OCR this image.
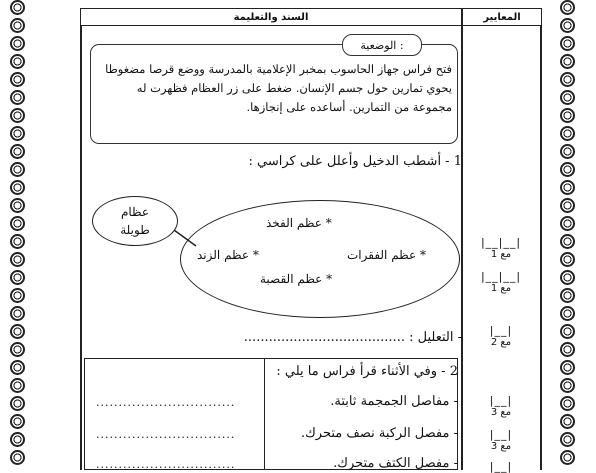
السند والتعليمة	المعايير
الوضعية :
فتح فراس جهاز الحاسوب بمخبر الإعلامية بالمدرسة ووضع قرصا مضغوطا يحوي تمارين حول جسم الإنسان. ضغط على زر العظام فظهرت له مجموعة من التمارين. أساعده على إنجازها.
1 - أشطب الدخيل وأعلل على كراسي :
عظام
طويلة	* عظم الفخذ
* عظم الفقرات
* عظم الزند
* عظم القصبة
- التعليل : .......................................
2 - وفي الأثناء قرأ فراس ما يلي :
- مفاصل الجمجمة ثابتة.
- مفصل الركبة نصف متحرك.
- مفصل الكتف متحرك.
...............................
...............................
...............................
|__|__|
مع 1
|__|__|
مع 1
|__|
مع 2
|__|
مع 3
|__|
مع 3
|__|
